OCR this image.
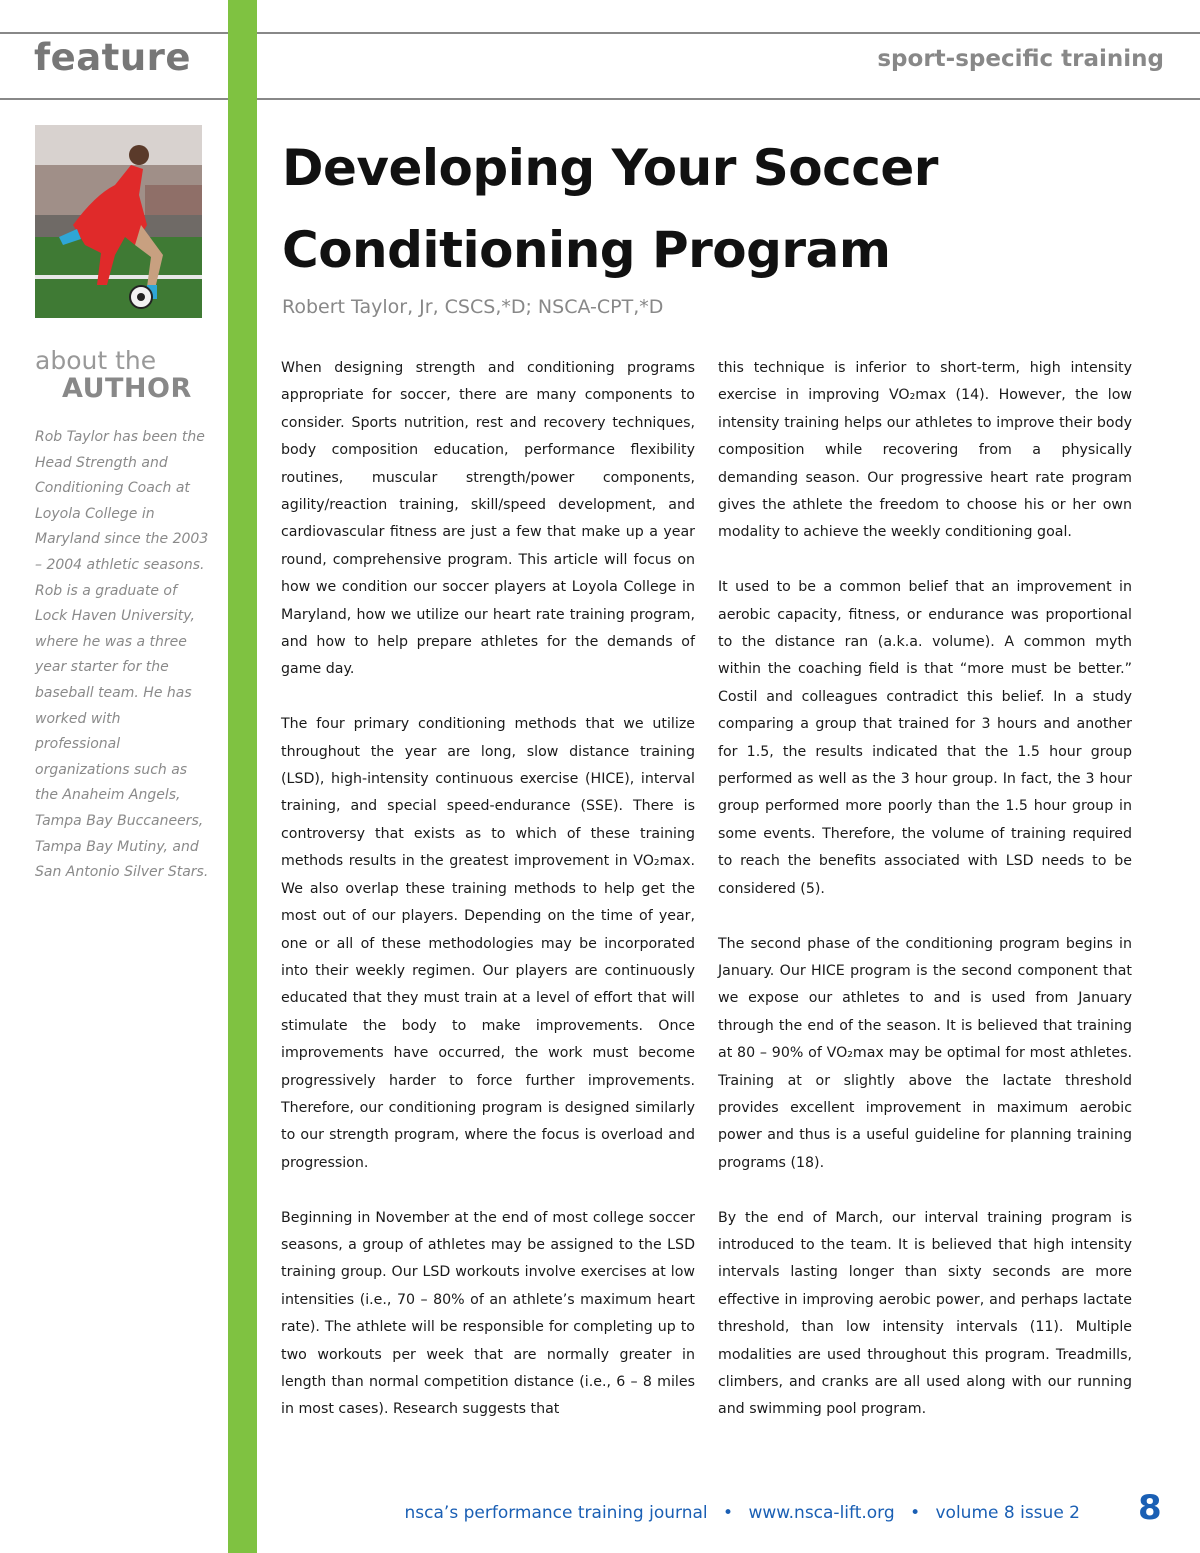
feature	sport-specific training
about the
AUTHOR
Rob Taylor has been the Head Strength and Conditioning Coach at Loyola College in Maryland since the 2003 – 2004 athletic seasons. Rob is a graduate of Lock Haven University, where he was a three year starter for the baseball team. He has worked with professional organizations such as the Anaheim Angels, Tampa Bay Buccaneers, Tampa Bay Mutiny, and San Antonio Silver Stars.
Developing Your Soccer Conditioning Program
Robert Taylor, Jr, CSCS,*D; NSCA-CPT,*D

When designing strength and conditioning programs appropriate for soccer, there are many components to consider. Sports nutrition, rest and recovery techniques, body composition education, performance flexibility routines, muscular strength/power components, agility/reaction training, skill/speed development, and cardiovascular fitness are just a few that make up a year round, comprehensive program. This article will focus on how we condition our soccer players at Loyola College in Maryland, how we utilize our heart rate training program, and how to help prepare athletes for the demands of game day.

The four primary conditioning methods that we utilize throughout the year are long, slow distance training (LSD), high-intensity continuous exercise (HICE), interval training, and special speed-endurance (SSE). There is controversy that exists as to which of these training methods results in the greatest improvement in VO₂max. We also overlap these training methods to help get the most out of our players. Depending on the time of year, one or all of these methodologies may be incorporated into their weekly regimen. Our players are continuously educated that they must train at a level of effort that will stimulate the body to make improvements. Once improvements have occurred, the work must become progressively harder to force further improvements. Therefore, our conditioning program is designed similarly to our strength program, where the focus is overload and progression.

Beginning in November at the end of most college soccer seasons, a group of athletes may be assigned to the LSD training group. Our LSD workouts involve exercises at low intensities (i.e., 70 – 80% of an athlete’s maximum heart rate). The athlete will be responsible for completing up to two workouts per week that are normally greater in length than normal competition distance (i.e., 6 – 8 miles in most cases). Research suggests that

this technique is inferior to short-term, high intensity exercise in improving VO₂max (14). However, the low intensity training helps our athletes to improve their body composition while recovering from a physically demanding season. Our progressive heart rate program gives the athlete the freedom to choose his or her own modality to achieve the weekly conditioning goal.

It used to be a common belief that an improvement in aerobic capacity, fitness, or endurance was proportional to the distance ran (a.k.a. volume). A common myth within the coaching field is that “more must be better.” Costil and colleagues contradict this belief. In a study comparing a group that trained for 3 hours and another for 1.5, the results indicated that the 1.5 hour group performed as well as the 3 hour group. In fact, the 3 hour group performed more poorly than the 1.5 hour group in some events. Therefore, the volume of training required to reach the benefits associated with LSD needs to be considered (5).

The second phase of the conditioning program begins in January. Our HICE program is the second component that we expose our athletes to and is used from January through the end of the season. It is believed that training at 80 – 90% of VO₂max may be optimal for most athletes. Training at or slightly above the lactate threshold provides excellent improvement in maximum aerobic power and thus is a useful guideline for planning training programs (18).

By the end of March, our interval training program is introduced to the team. It is believed that high intensity intervals lasting longer than sixty seconds are more effective in improving aerobic power, and perhaps lactate threshold, than low intensity intervals (11). Multiple modalities are used throughout this program. Treadmills, climbers, and cranks are all used along with our running and swimming pool program.

nsca’s performance training journal • www.nsca-lift.org • volume 8 issue 2 8
